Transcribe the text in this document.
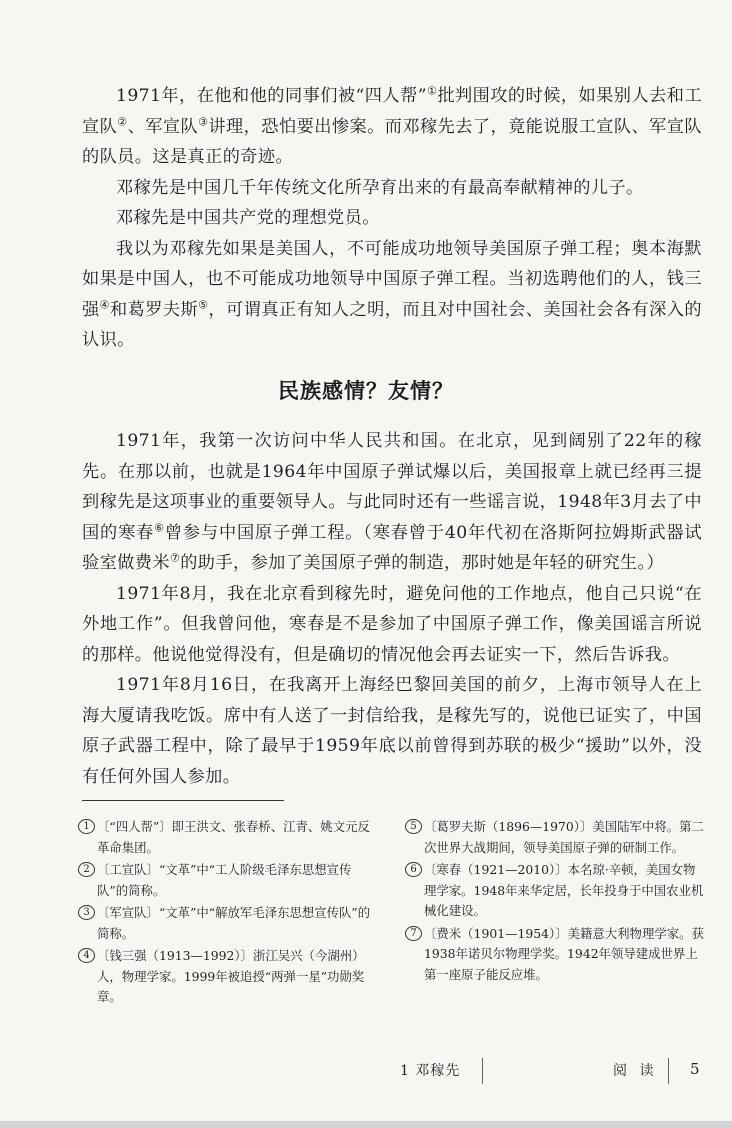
1971年，在他和他的同事们被“四人帮”①批判围攻的时候，如果别人去和工宣队②、军宣队③讲理，恐怕要出惨案。而邓稼先去了，竟能说服工宣队、军宣队的队员。这是真正的奇迹。

邓稼先是中国几千年传统文化所孕育出来的有最高奉献精神的儿子。

邓稼先是中国共产党的理想党员。

我以为邓稼先如果是美国人，不可能成功地领导美国原子弹工程；奥本海默如果是中国人，也不可能成功地领导中国原子弹工程。当初选聘他们的人，钱三强④和葛罗夫斯⑤，可谓真正有知人之明，而且对中国社会、美国社会各有深入的认识。

民族感情？友情？

1971年，我第一次访问中华人民共和国。在北京，见到阔别了22年的稼先。在那以前，也就是1964年中国原子弹试爆以后，美国报章上就已经再三提到稼先是这项事业的重要领导人。与此同时还有一些谣言说，1948年3月去了中国的寒春⑥曾参与中国原子弹工程。（寒春曾于40年代初在洛斯阿拉姆斯武器试验室做费米⑦的助手，参加了美国原子弹的制造，那时她是年轻的研究生。）

1971年8月，我在北京看到稼先时，避免问他的工作地点，他自己只说“在外地工作”。但我曾问他，寒春是不是参加了中国原子弹工作，像美国谣言所说的那样。他说他觉得没有，但是确切的情况他会再去证实一下，然后告诉我。

1971年8月16日，在我离开上海经巴黎回美国的前夕，上海市领导人在上海大厦请我吃饭。席中有人送了一封信给我，是稼先写的，说他已证实了，中国原子武器工程中，除了最早于1959年底以前曾得到苏联的极少“援助”以外，没有任何外国人参加。

1 〔“四人帮”〕即王洪文、张春桥、江青、姚文元反革命集团。
2 〔工宣队〕“文革”中“工人阶级毛泽东思想宣传队”的简称。
3 〔军宣队〕“文革”中“解放军毛泽东思想宣传队”的简称。
4 〔钱三强（1913—1992）〕浙江吴兴（今湖州）人，物理学家。1999年被追授“两弹一星”功勋奖章。
5 〔葛罗夫斯（1896—1970）〕美国陆军中将。第二次世界大战期间，领导美国原子弹的研制工作。
6 〔寒春（1921—2010）〕本名琼·辛顿，美国女物理学家。1948年来华定居，长年投身于中国农业机械化建设。
7 〔费米（1901—1954）〕美籍意大利物理学家。获1938年诺贝尔物理学奖。1942年领导建成世界上第一座原子能反应堆。
1 邓稼先	阅 读 5
